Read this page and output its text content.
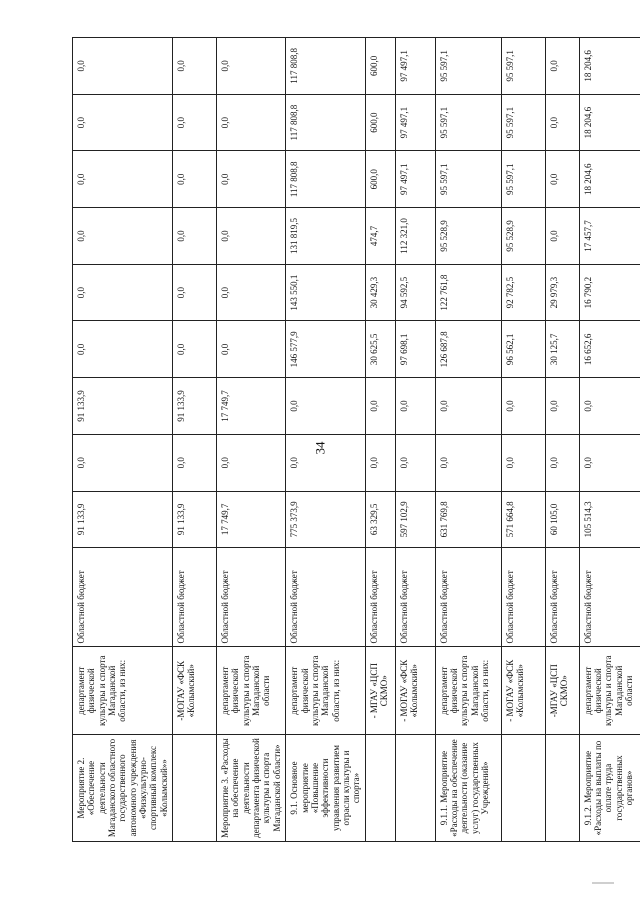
34
Мероприятие 2. «Обеспечение деятельности Магаданского областного государственного автономного учреждения «Физкультурно-спортивный комплекс «Колымский»»	департамент физической культуры и спорта Магаданской области, из них:	Областной бюджет	91 133,9	0,0	91 133,9	0,0	0,0	0,0	0,0	0,0	0,0
	-МОГАУ «ФСК «Колымский»	Областной бюджет	91 133,9	0,0	91 133,9	0,0	0,0	0,0	0,0	0,0	0,0
Мероприятие 3. «Расходы на обеспечение деятельности департамента физической культуры и спорта Магаданской области»	департамент физической культуры и спорта Магаданской области	Областной бюджет	17 749,7	0,0	17 749,7	0,0	0,0	0,0	0,0	0,0	0,0
9.1. Основное мероприятие «Повышение эффективности управления развитием отрасли культуры и спорта»	департамент физической культуры и спорта Магаданской области, из них:	Областной бюджет	775 373,9	0,0	0,0	146 577,9	143 550,1	131 819,5	117 808,8	117 808,8	117 808,8
	- МГАУ «ЦСП СКМО»	Областной бюджет	63 329,5	0,0	0,0	30 625,5	30 429,3	474,7	600,0	600,0	600,0
	- МОГАУ «ФСК «Колымский»	Областной бюджет	597 102,9	0,0	0,0	97 698,1	94 592,5	112 321,0	97 497,1	97 497,1	97 497,1
9.1.1. Мероприятие «Расходы на обеспечение деятельности (оказание услуг) государственных Учреждений»	департамент физической культуры и спорта Магаданской области, из них:	Областной бюджет	631 769,8	0,0	0,0	126 687,8	122 761,8	95 528,9	95 597,1	95 597,1	95 597,1
	- МОГАУ «ФСК «Колымский»	Областной бюджет	571 664,8	0,0	0,0	96 562,1	92 782,5	95 528,9	95 597,1	95 597,1	95 597,1
	-МГАУ «ЦСП СКМО»	Областной бюджет	60 105,0	0,0	0,0	30 125,7	29 979,3	0,0	0,0	0,0	0,0
9.1.2. Мероприятие «Расходы на выплаты по оплате труда государственных органов»	департамент физической культуры и спорта Магаданской области	Областной бюджет	105 514,3	0,0	0,0	16 652,6	16 790,2	17 457,7	18 204,6	18 204,6	18 204,6
